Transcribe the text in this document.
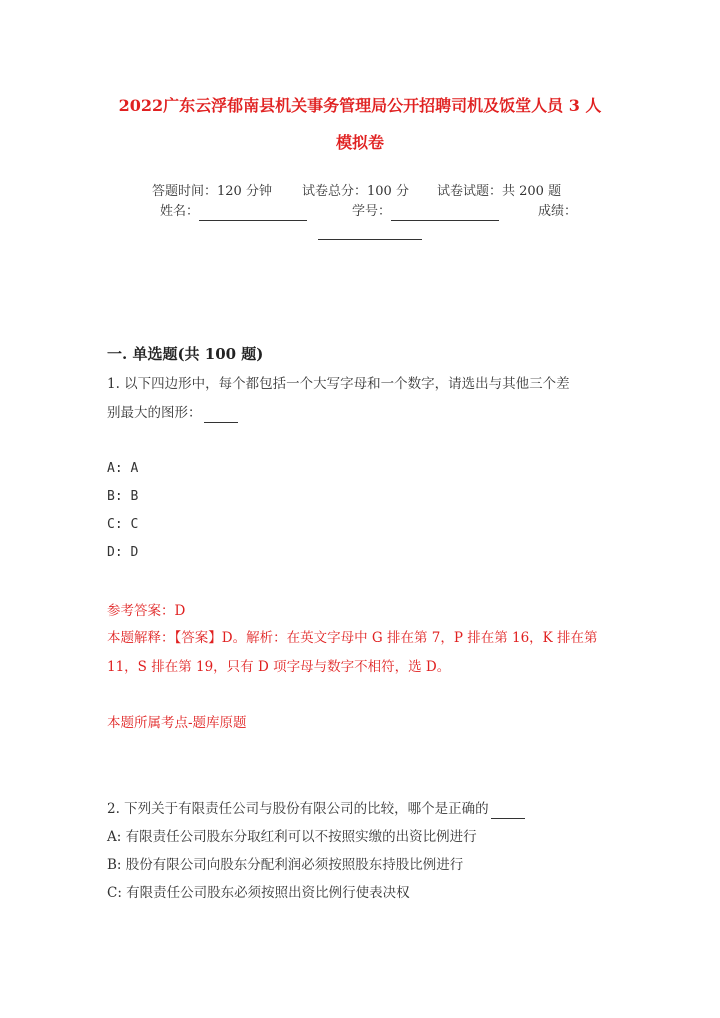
2022广东云浮郁南县机关事务管理局公开招聘司机及饭堂人员 3 人
模拟卷
答题时间：120 分钟 试卷总分：100 分 试卷试题：共 200 题
姓名：	学号：	成绩：
一. 单选题(共 100 题)
1. 以下四边形中，每个都包括一个大写字母和一个数字，请选出与其他三个差
别最大的图形：
A: A
B: B
C: C
D: D
参考答案：D
本题解释：【答案】D。解析：在英文字母中 G 排在第 7，P 排在第 16，K 排在第
11，S 排在第 19，只有 D 项字母与数字不相符，选 D。
本题所属考点-题库原题
2. 下列关于有限责任公司与股份有限公司的比较，哪个是正确的
A: 有限责任公司股东分取红利可以不按照实缴的出资比例进行
B: 股份有限公司向股东分配利润必须按照股东持股比例进行
C: 有限责任公司股东必须按照出资比例行使表决权
